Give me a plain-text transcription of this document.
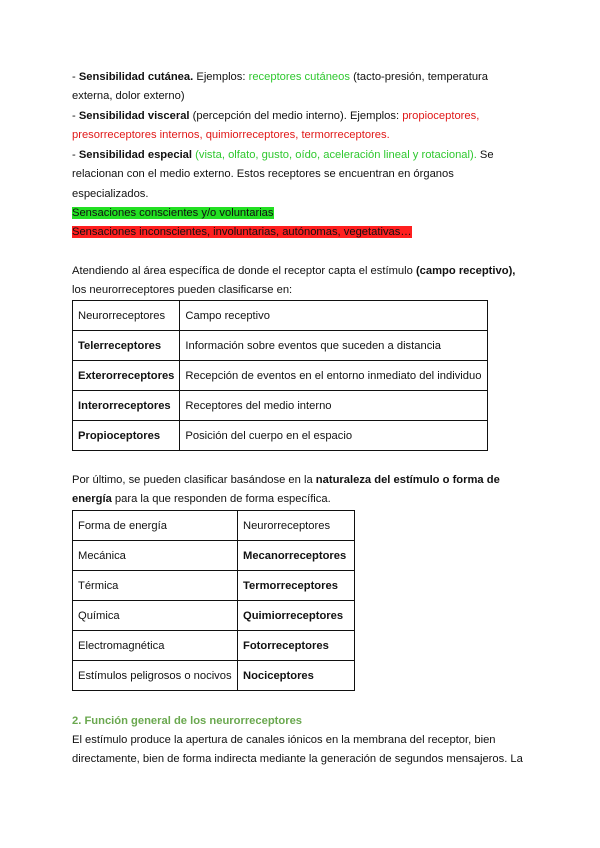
- Sensibilidad cutánea. Ejemplos: receptores cutáneos (tacto-presión, temperatura externa, dolor externo)
- Sensibilidad visceral (percepción del medio interno). Ejemplos: propioceptores, presorreceptores internos, quimiorreceptores, termorreceptores.
- Sensibilidad especial (vista, olfato, gusto, oído, aceleración lineal y rotacional). Se relacionan con el medio externo. Estos receptores se encuentran en órganos especializados.
Sensaciones conscientes y/o voluntarias
Sensaciones inconscientes, involuntarias, autónomas, vegetativas…
Atendiendo al área específica de donde el receptor capta el estímulo (campo receptivo), los neurorreceptores pueden clasificarse en:
Neurorreceptores	Campo receptivo
Telerreceptores	Información sobre eventos que suceden a distancia
Exterorreceptores	Recepción de eventos en el entorno inmediato del individuo
Interorreceptores	Receptores del medio interno
Propioceptores	Posición del cuerpo en el espacio
Por último, se pueden clasificar basándose en la naturaleza del estímulo o forma de energía para la que responden de forma específica.
Forma de energía	Neurorreceptores
Mecánica	Mecanorreceptores
Térmica	Termorreceptores
Química	Quimiorreceptores
Electromagnética	Fotorreceptores
Estímulos peligrosos o nocivos	Nociceptores
2. Función general de los neurorreceptores
El estímulo produce la apertura de canales iónicos en la membrana del receptor, bien directamente, bien de forma indirecta mediante la generación de segundos mensajeros. La
